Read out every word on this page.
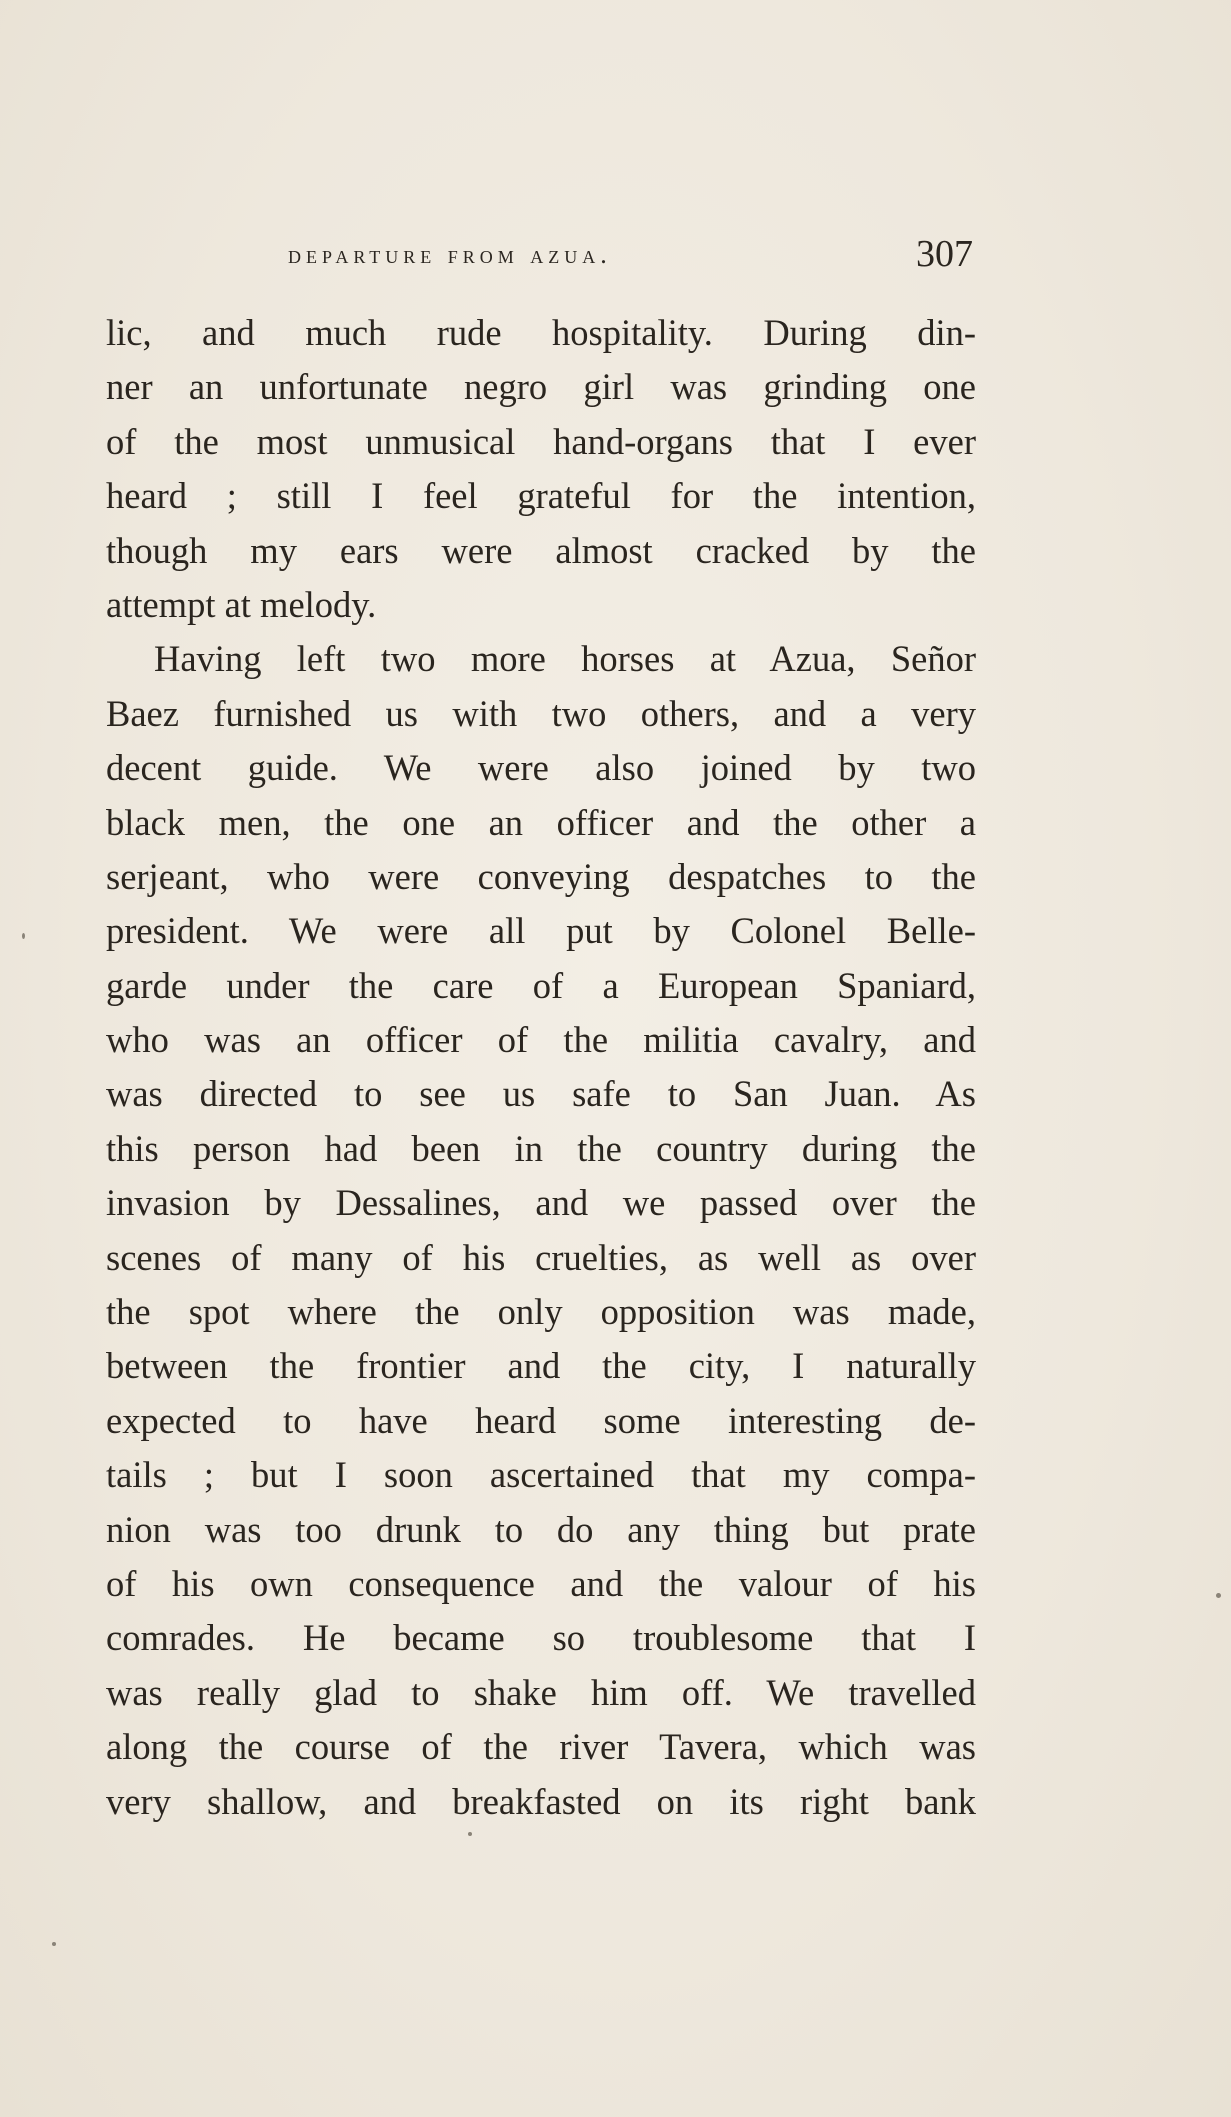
departure from azua.	307
lic, and much rude hospitality. During din-
ner an unfortunate negro girl was grinding one
of the most unmusical hand-organs that I ever
heard ; still I feel grateful for the intention,
though my ears were almost cracked by the
attempt at melody.
Having left two more horses at Azua, Señor
Baez furnished us with two others, and a very
decent guide. We were also joined by two
black men, the one an officer and the other a
serjeant, who were conveying despatches to the
president. We were all put by Colonel Belle-
garde under the care of a European Spaniard,
who was an officer of the militia cavalry, and
was directed to see us safe to San Juan. As
this person had been in the country during the
invasion by Dessalines, and we passed over the
scenes of many of his cruelties, as well as over
the spot where the only opposition was made,
between the frontier and the city, I naturally
expected to have heard some interesting de-
tails ; but I soon ascertained that my compa-
nion was too drunk to do any thing but prate
of his own consequence and the valour of his
comrades. He became so troublesome that I
was really glad to shake him off. We travelled
along the course of the river Tavera, which was
very shallow, and breakfasted on its right bank
